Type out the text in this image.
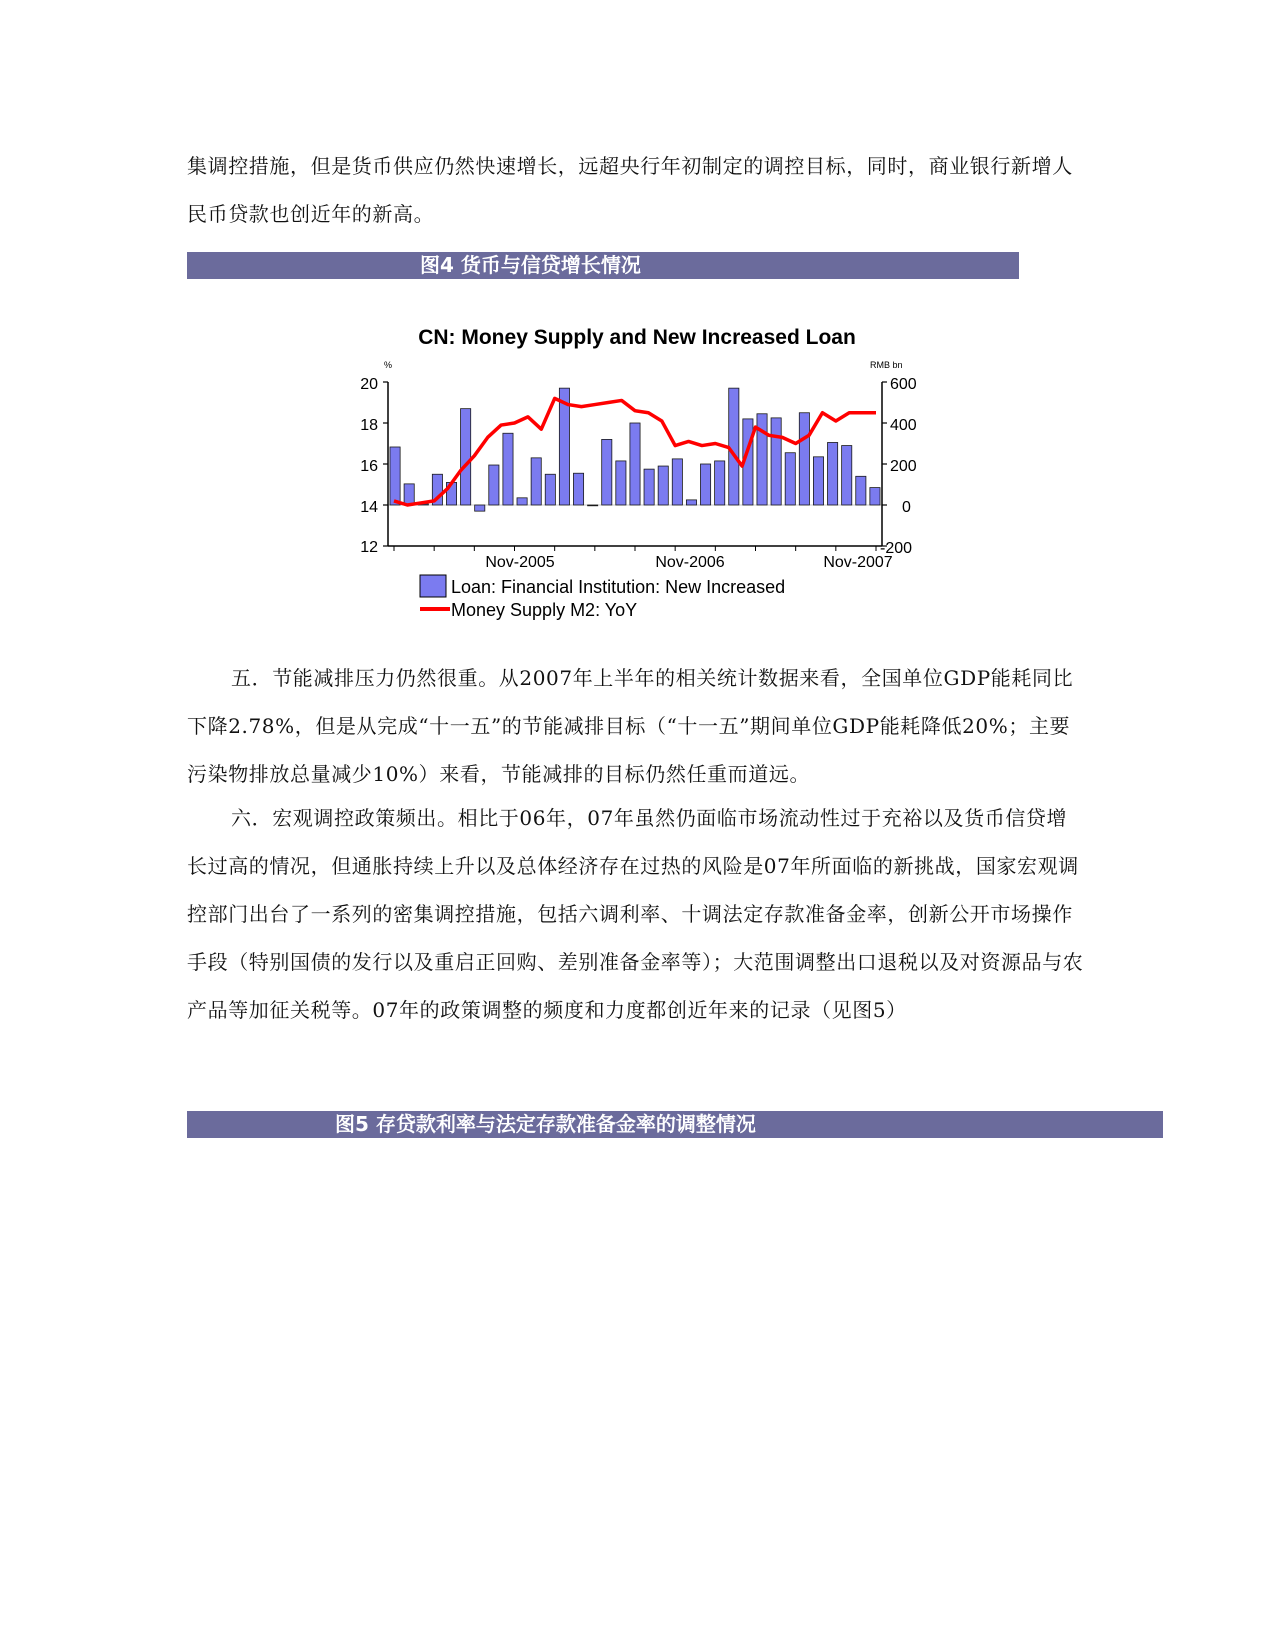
集调控措施，但是货币供应仍然快速增长，远超央行年初制定的调控目标，同时，商业银行新增人民币贷款也创近年的新高。

图4 货币与信贷增长情况
CN: Money Supply and New Increased Loan
%	RMB bn
20
18
16
14
12
600
400
200
0
-200
Nov-2005	Nov-2006	Nov-2007
Loan: Financial Institution: New Increased
Money Supply M2: YoY

五．节能减排压力仍然很重。从2007年上半年的相关统计数据来看，全国单位GDP能耗同比下降2.78%，但是从完成“十一五”的节能减排目标（“十一五”期间单位GDP能耗降低20%；主要污染物排放总量减少10%）来看，节能减排的目标仍然任重而道远。

六．宏观调控政策频出。相比于06年，07年虽然仍面临市场流动性过于充裕以及货币信贷增长过高的情况，但通胀持续上升以及总体经济存在过热的风险是07年所面临的新挑战，国家宏观调控部门出台了一系列的密集调控措施，包括六调利率、十调法定存款准备金率，创新公开市场操作手段（特别国债的发行以及重启正回购、差别准备金率等）；大范围调整出口退税以及对资源品与农产品等加征关税等。07年的政策调整的频度和力度都创近年来的记录（见图5）

图5 存贷款利率与法定存款准备金率的调整情况
